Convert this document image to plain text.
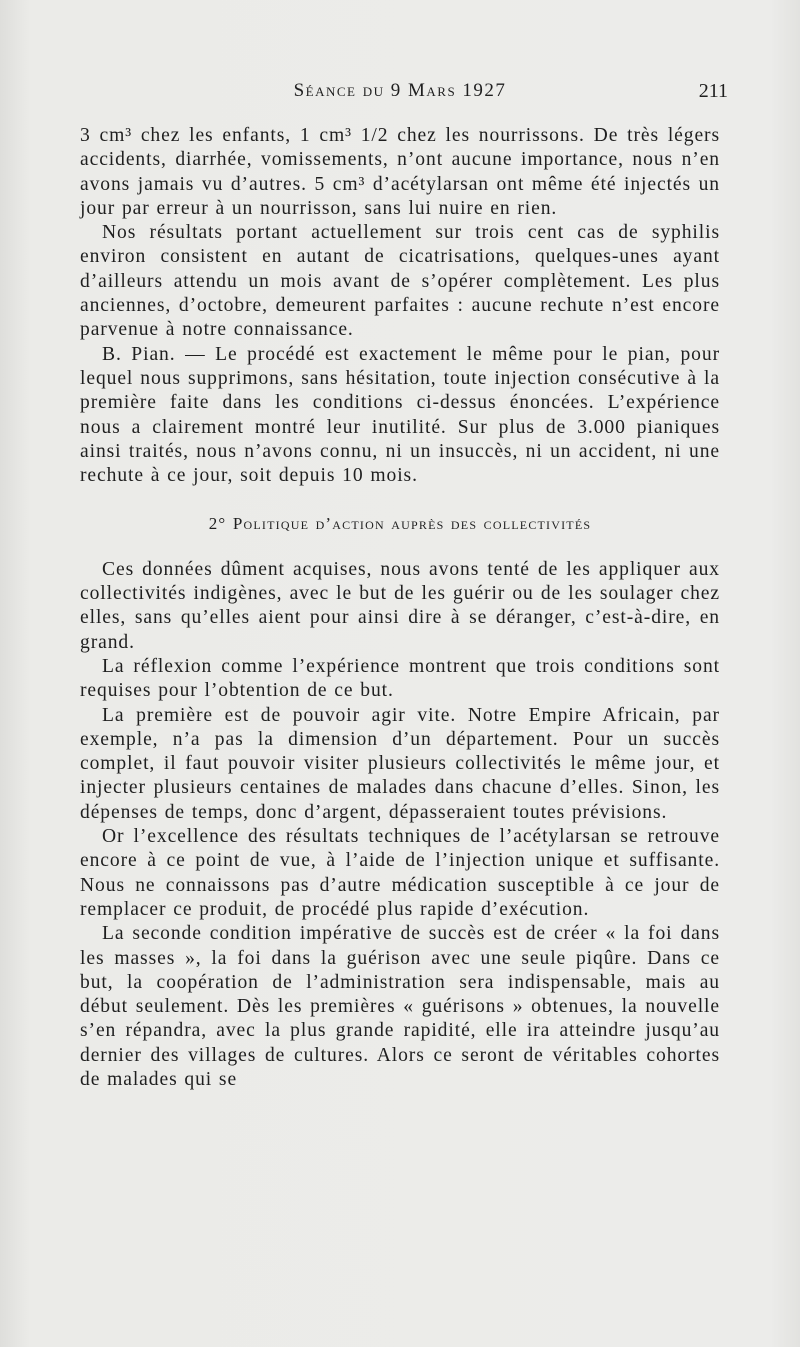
Séance du 9 Mars 1927	211

3 cm³ chez les enfants, 1 cm³ 1/2 chez les nourrissons. De très légers accidents, diarrhée, vomissements, n’ont aucune importance, nous n’en avons jamais vu d’autres. 5 cm³ d’acétylarsan ont même été injectés un jour par erreur à un nourrisson, sans lui nuire en rien.

Nos résultats portant actuellement sur trois cent cas de syphilis environ consistent en autant de cicatrisations, quelques-unes ayant d’ailleurs attendu un mois avant de s’opérer complètement. Les plus anciennes, d’octobre, demeurent parfaites : aucune rechute n’est encore parvenue à notre connaissance.

B. Pian. — Le procédé est exactement le même pour le pian, pour lequel nous supprimons, sans hésitation, toute injection consécutive à la première faite dans les conditions ci-dessus énoncées. L’expérience nous a clairement montré leur inutilité. Sur plus de 3.000 pianiques ainsi traités, nous n’avons connu, ni un insuccès, ni un accident, ni une rechute à ce jour, soit depuis 10 mois.

2° Politique d’action auprès des collectivités

Ces données dûment acquises, nous avons tenté de les appliquer aux collectivités indigènes, avec le but de les guérir ou de les soulager chez elles, sans qu’elles aient pour ainsi dire à se déranger, c’est-à-dire, en grand.

La réflexion comme l’expérience montrent que trois conditions sont requises pour l’obtention de ce but.

La première est de pouvoir agir vite. Notre Empire Africain, par exemple, n’a pas la dimension d’un département. Pour un succès complet, il faut pouvoir visiter plusieurs collectivités le même jour, et injecter plusieurs centaines de malades dans chacune d’elles. Sinon, les dépenses de temps, donc d’argent, dépasseraient toutes prévisions.

Or l’excellence des résultats techniques de l’acétylarsan se retrouve encore à ce point de vue, à l’aide de l’injection unique et suffisante. Nous ne connaissons pas d’autre médication susceptible à ce jour de remplacer ce produit, de procédé plus rapide d’exécution.

La seconde condition impérative de succès est de créer « la foi dans les masses », la foi dans la guérison avec une seule piqûre. Dans ce but, la coopération de l’administration sera indispensable, mais au début seulement. Dès les premières « guérisons » obtenues, la nouvelle s’en répandra, avec la plus grande rapidité, elle ira atteindre jusqu’au dernier des villages de cultures. Alors ce seront de véritables cohortes de malades qui se
